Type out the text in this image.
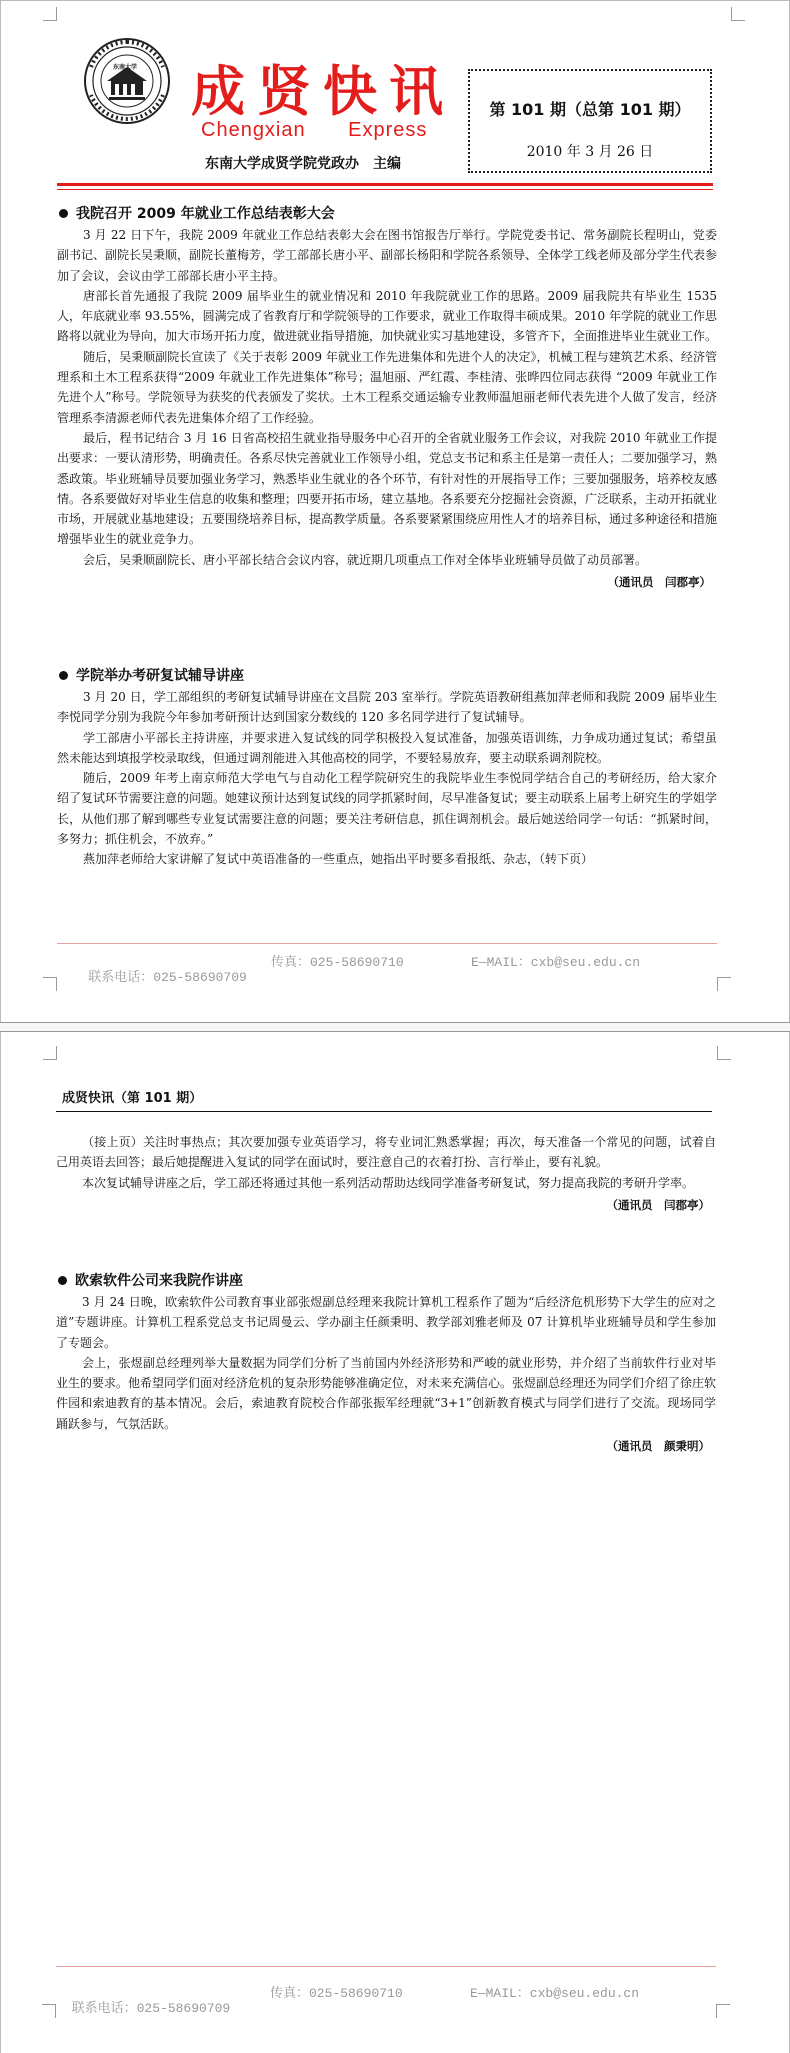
东南大学 成贤快讯
Chengxian Express
东南大学成贤学院党政办　主编
第 101 期（总第 101 期）
2010 年 3 月 26 日
我院召开 2009 年就业工作总结表彰大会

3 月 22 日下午，我院 2009 年就业工作总结表彰大会在图书馆报告厅举行。学院党委书记、常务副院长程明山，党委副书记、副院长吴秉顺，副院长董梅芳，学工部部长唐小平、副部长杨阳和学院各系领导、全体学工线老师及部分学生代表参加了会议，会议由学工部部长唐小平主持。

唐部长首先通报了我院 2009 届毕业生的就业情况和 2010 年我院就业工作的思路。2009 届我院共有毕业生 1535 人，年底就业率 93.55%，圆满完成了省教育厅和学院领导的工作要求，就业工作取得丰硕成果。2010 年学院的就业工作思路将以就业为导向，加大市场开拓力度，做进就业指导措施，加快就业实习基地建设，多管齐下，全面推进毕业生就业工作。

随后，吴秉顺副院长宣读了《关于表彰 2009 年就业工作先进集体和先进个人的决定》，机械工程与建筑艺术系、经济管理系和土木工程系获得“2009 年就业工作先进集体”称号；温旭丽、严红霞、李桂清、张晔四位同志获得 “2009 年就业工作先进个人”称号。学院领导为获奖的代表颁发了奖状。土木工程系交通运输专业教师温旭丽老师代表先进个人做了发言，经济管理系李清源老师代表先进集体介绍了工作经验。

最后，程书记结合 3 月 16 日省高校招生就业指导服务中心召开的全省就业服务工作会议，对我院 2010 年就业工作提出要求：一要认清形势，明确责任。各系尽快完善就业工作领导小组，党总支书记和系主任是第一责任人；二要加强学习，熟悉政策。毕业班辅导员要加强业务学习，熟悉毕业生就业的各个环节，有针对性的开展指导工作；三要加强服务，培养校友感情。各系要做好对毕业生信息的收集和整理；四要开拓市场，建立基地。各系要充分挖掘社会资源，广泛联系，主动开拓就业市场，开展就业基地建设；五要围绕培养目标，提高教学质量。各系要紧紧围绕应用性人才的培养目标，通过多种途径和措施增强毕业生的就业竞争力。

会后，吴秉顺副院长、唐小平部长结合会议内容，就近期几项重点工作对全体毕业班辅导员做了动员部署。

（通讯员　闫郡亭）
学院举办考研复试辅导讲座

3 月 20 日，学工部组织的考研复试辅导讲座在文昌院 203 室举行。学院英语教研组燕加萍老师和我院 2009 届毕业生李悦同学分别为我院今年参加考研预计达到国家分数线的 120 多名同学进行了复试辅导。

学工部唐小平部长主持讲座，并要求进入复试线的同学积极投入复试准备，加强英语训练，力争成功通过复试；希望虽然未能达到填报学校录取线，但通过调剂能进入其他高校的同学，不要轻易放弃，要主动联系调剂院校。

随后，2009 年考上南京师范大学电气与自动化工程学院研究生的我院毕业生李悦同学结合自己的考研经历，给大家介绍了复试环节需要注意的问题。她建议预计达到复试线的同学抓紧时间，尽早准备复试；要主动联系上届考上研究生的学姐学长，从他们那了解到哪些专业复试需要注意的问题；要关注考研信息，抓住调剂机会。最后她送给同学一句话：“抓紧时间，多努力；抓住机会，不放弃。”

燕加萍老师给大家讲解了复试中英语准备的一些重点，她指出平时要多看报纸、杂志，（转下页）

联系电话：025-58690709

传真：025-58690710

	E—MAIL：cxb@seu.edu.cn

成贤快讯（第 101 期）

（接上页）关注时事热点；其次要加强专业英语学习，将专业词汇熟悉掌握；再次，每天准备一个常见的问题，试着自己用英语去回答；最后她提醒进入复试的同学在面试时，要注意自己的衣着打扮、言行举止，要有礼貌。

本次复试辅导讲座之后，学工部还将通过其他一系列活动帮助达线同学准备考研复试，努力提高我院的考研升学率。

（通讯员　闫郡亭）
欧索软件公司来我院作讲座

3 月 24 日晚，欧索软件公司教育事业部张煜副总经理来我院计算机工程系作了题为“后经济危机形势下大学生的应对之道”专题讲座。计算机工程系党总支书记周曼云、学办副主任颜秉明、教学部刘雅老师及 07 计算机毕业班辅导员和学生参加了专题会。

会上，张煜副总经理列举大量数据为同学们分析了当前国内外经济形势和严峻的就业形势，并介绍了当前软件行业对毕业生的要求。他希望同学们面对经济危机的复杂形势能够准确定位，对未来充满信心。张煜副总经理还为同学们介绍了徐庄软件园和索迪教育的基本情况。会后，索迪教育院校合作部张振军经理就“3+1”创新教育模式与同学们进行了交流。现场同学踊跃参与，气氛活跃。

（通讯员　颜秉明）

联系电话：025-58690709

传真：025-58690710

	E—MAIL：cxb@seu.edu.cn
